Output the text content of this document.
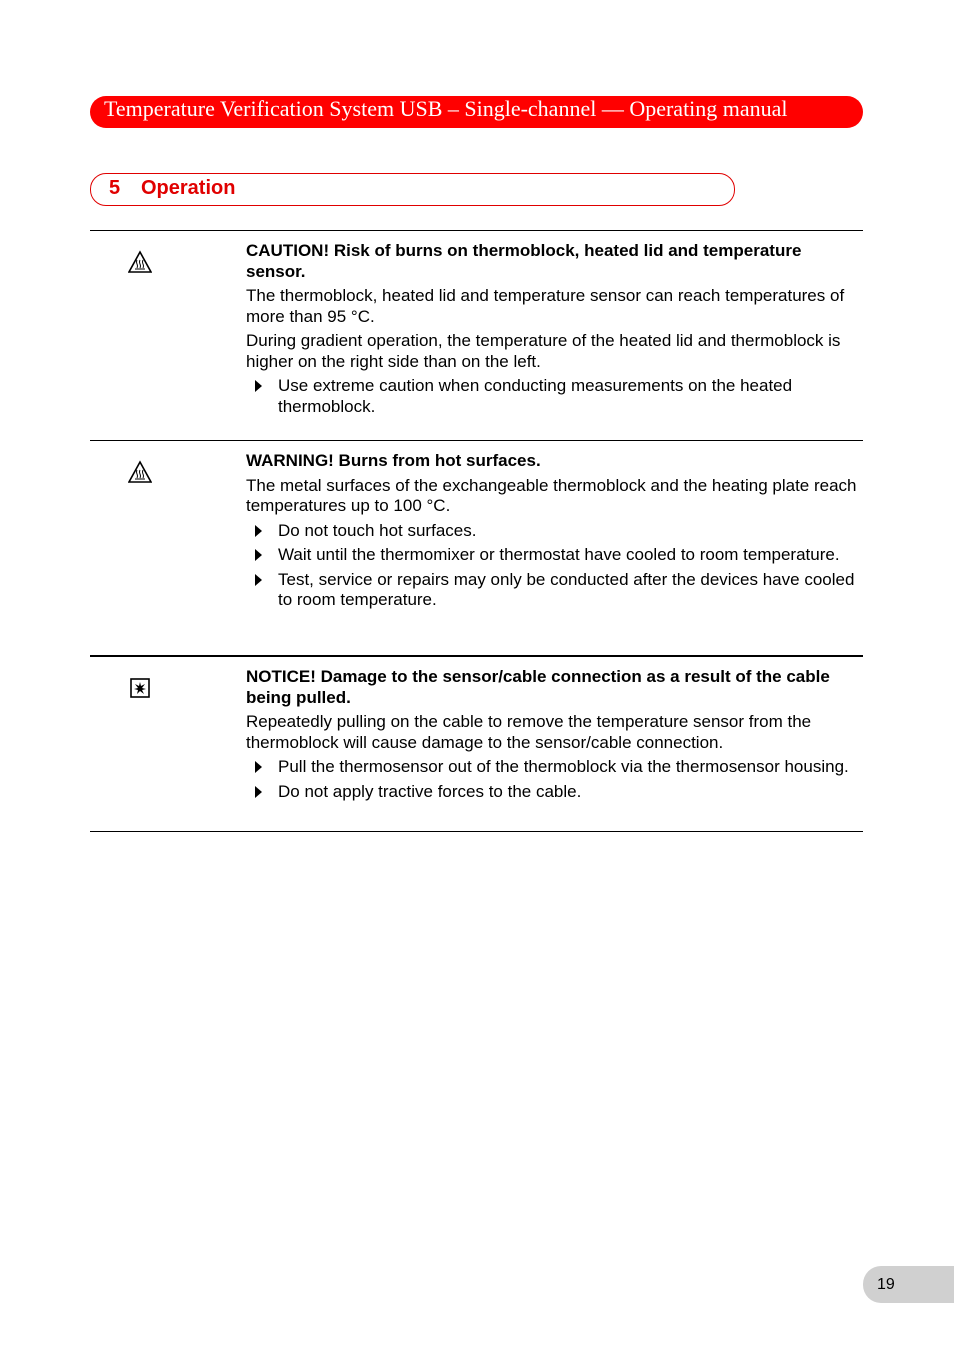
Temperature Verification System USB – Single-channel — Operating manual
5 Operation

CAUTION! Risk of burns on thermoblock, heated lid and temperature sensor.

The thermoblock, heated lid and temperature sensor can reach temperatures of more than 95 °C.

During gradient operation, the temperature of the heated lid and thermoblock is higher on the right side than on the left.

Use extreme caution when conducting measurements on the heated thermoblock.

WARNING! Burns from hot surfaces.

The metal surfaces of the exchangeable thermoblock and the heating plate reach temperatures up to 100 °C.

Do not touch hot surfaces.
Wait until the thermomixer or thermostat have cooled to room temperature.
Test, service or repairs may only be conducted after the devices have cooled to room temperature.

NOTICE! Damage to the sensor/cable connection as a result of the cable being pulled.

Repeatedly pulling on the cable to remove the temperature sensor from the thermoblock will cause damage to the sensor/cable connection.

Pull the thermosensor out of the thermoblock via the thermosensor housing.
Do not apply tractive forces to the cable.
19
